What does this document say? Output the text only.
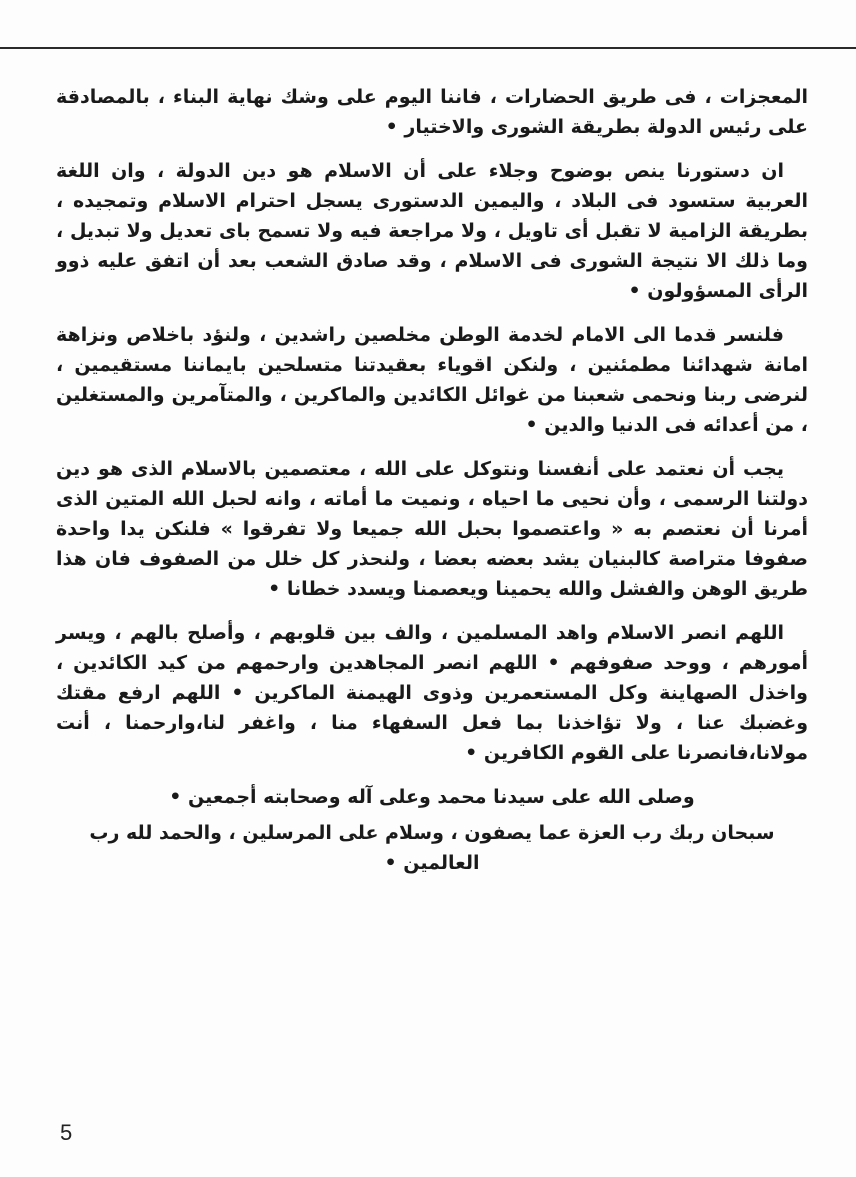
المعجزات ، فى طريق الحضارات ، فاننا اليوم على وشك نهاية البناء ، بالمصادقة على رئيس الدولة بطريقة الشورى والاختيار •

ان دستورنا ينص بوضوح وجلاء على أن الاسلام هو دين الدولة ، وان اللغة العربية ستسود فى البلاد ، واليمين الدستورى يسجل احترام الاسلام وتمجيده ، بطريقة الزامية لا تقبل أى تاويل ، ولا مراجعة فيه ولا تسمح باى تعديل ولا تبديل ، وما ذلك الا نتيجة الشورى فى الاسلام ، وقد صادق الشعب بعد أن اتفق عليه ذوو الرأى المسؤولون •

فلنسر قدما الى الامام لخدمة الوطن مخلصين راشدين ، ولنؤد باخلاص ونزاهة امانة شهدائنا مطمئنين ، ولنكن اقوياء بعقيدتنا متسلحين بايماننا مستقيمين ، لنرضى ربنا ونحمى شعبنا من غوائل الكائدين والماكرين ، والمتآمرين والمستغلين ، من أعدائه فى الدنيا والدين •

يجب أن نعتمد على أنفسنا ونتوكل على الله ، معتصمين بالاسلام الذى هو دين دولتنا الرسمى ، وأن نحيى ما احياه ، ونميت ما أماته ، وانه لحبل الله المتين الذى أمرنا أن نعتصم به « واعتصموا بحبل الله جميعا ولا تفرقوا » فلنكن يدا واحدة صفوفا متراصة كالبنيان يشد بعضه بعضا ، ولنحذر كل خلل من الصفوف فان هذا طريق الوهن والفشل والله يحمينا ويعصمنا ويسدد خطانا •

اللهم انصر الاسلام واهد المسلمين ، والف بين قلوبهم ، وأصلح بالهم ، ويسر أمورهم ، ووحد صفوفهم • اللهم انصر المجاهدين وارحمهم من كيد الكائدين ، واخذل الصهاينة وكل المستعمرين وذوى الهيمنة الماكرين • اللهم ارفع مقتك وغضبك عنا ، ولا تؤاخذنا بما فعل السفهاء منا ، واغفر لنا،وارحمنا ، أنت مولانا،فانصرنا على القوم الكافرين •

وصلى الله على سيدنا محمد وعلى آله وصحابته أجمعين •

سبحان ربك رب العزة عما يصفون ، وسلام على المرسلين ، والحمد لله رب العالمين •

5
